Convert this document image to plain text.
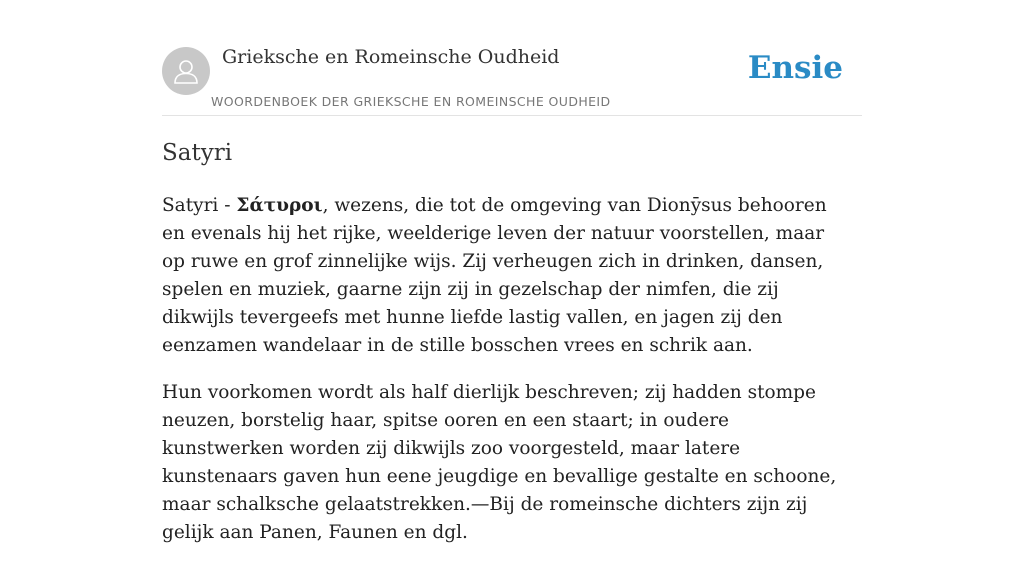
Grieksche en Romeinsche Oudheid
WOORDENBOEK DER GRIEKSCHE EN ROMEINSCHE OUDHEID
Ensie
Satyri

Satyri - Σάτυροι, wezens, die tot de omgeving van Dionȳsus behooren en evenals hij het rijke, weelderige leven der natuur voorstellen, maar op ruwe en grof zinnelijke wijs. Zij verheugen zich in drinken, dansen, spelen en muziek, gaarne zijn zij in gezelschap der nimfen, die zij dikwijls tevergeefs met hunne liefde lastig vallen, en jagen zij den eenzamen wandelaar in de stille bosschen vrees en schrik aan.

Hun voorkomen wordt als half dierlijk beschreven; zij hadden stompe neuzen, borstelig haar, spitse ooren en een staart; in oudere kunstwerken worden zij dikwijls zoo voorgesteld, maar latere kunstenaars gaven hun eene jeugdige en bevallige gestalte en schoone, maar schalksche gelaatstrekken.—Bij de romeinsche dichters zijn zij gelijk aan Panen, Faunen en dgl.
